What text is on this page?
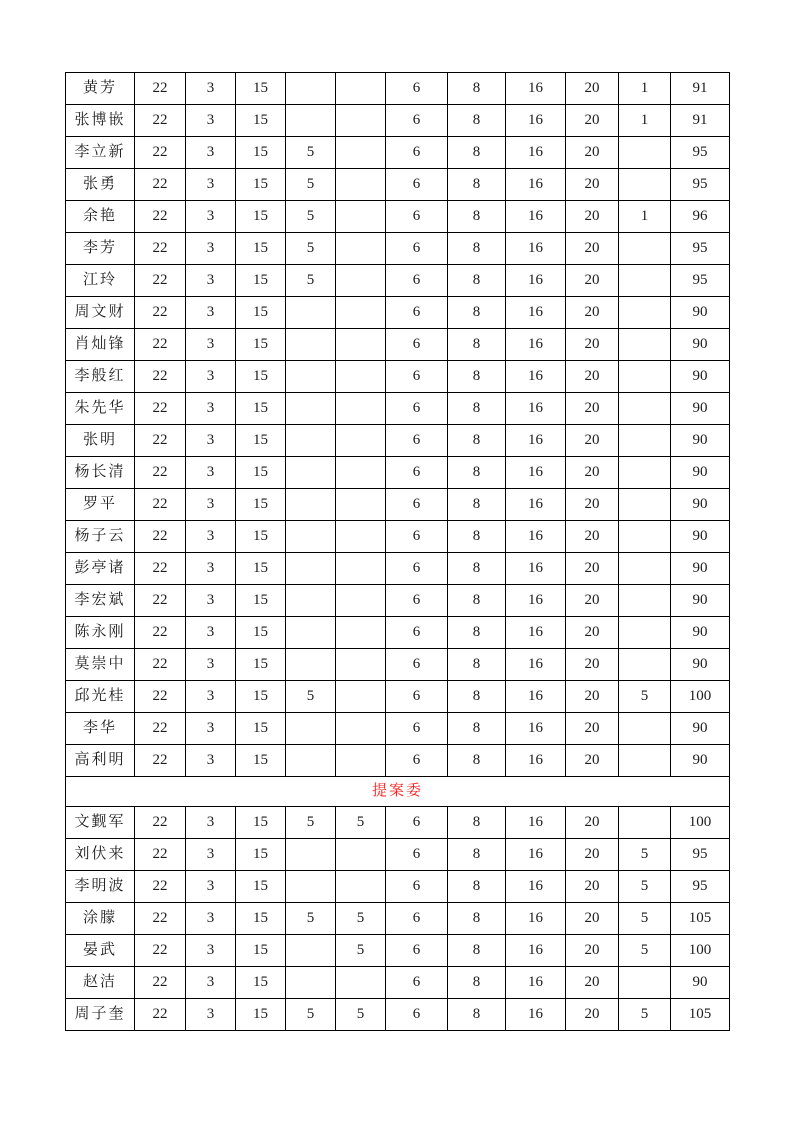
黄芳	22	3	15			6	8	16	20	1	91
张博嵌	22	3	15			6	8	16	20	1	91
李立新	22	3	15	5		6	8	16	20		95
张勇	22	3	15	5		6	8	16	20		95
余艳	22	3	15	5		6	8	16	20	1	96
李芳	22	3	15	5		6	8	16	20		95
江玲	22	3	15	5		6	8	16	20		95
周文财	22	3	15			6	8	16	20		90
肖灿锋	22	3	15			6	8	16	20		90
李般红	22	3	15			6	8	16	20		90
朱先华	22	3	15			6	8	16	20		90
张明	22	3	15			6	8	16	20		90
杨长清	22	3	15			6	8	16	20		90
罗平	22	3	15			6	8	16	20		90
杨子云	22	3	15			6	8	16	20		90
彭亭诸	22	3	15			6	8	16	20		90
李宏斌	22	3	15			6	8	16	20		90
陈永刚	22	3	15			6	8	16	20		90
莫崇中	22	3	15			6	8	16	20		90
邱光桂	22	3	15	5		6	8	16	20	5	100
李华	22	3	15			6	8	16	20		90
高利明	22	3	15			6	8	16	20		90
提案委											
文觐军	22	3	15	5	5	6	8	16	20		100
刘伏来	22	3	15			6	8	16	20	5	95
李明波	22	3	15			6	8	16	20	5	95
涂朦	22	3	15	5	5	6	8	16	20	5	105
晏武	22	3	15		5	6	8	16	20	5	100
赵洁	22	3	15			6	8	16	20		90
周子奎	22	3	15	5	5	6	8	16	20	5	105
